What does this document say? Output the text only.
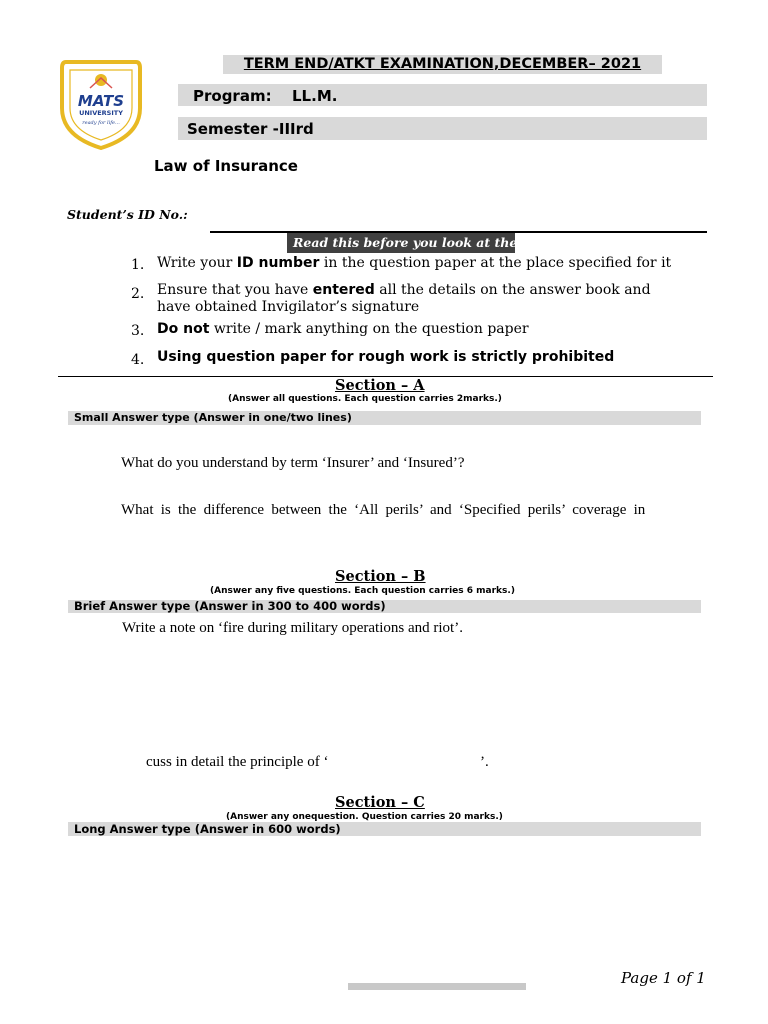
MATS
UNIVERSITY
ready for life...
TERM END/ATKT EXAMINATION,DECEMBER– 2021
Program: LL.M.
Semester -IIIrd
Law of Insurance
Student’s ID No.:
Read this before you look at the
1. Write your ID number in the question paper at the place specified for it
2. Ensure that you have entered all the details on the answer book and
have obtained Invigilator’s signature
3. Do not write / mark anything on the question paper
4. Using question paper for rough work is strictly prohibited
Section – A
(Answer all questions. Each question carries 2marks.)
Small Answer type (Answer in one/two lines)
What do you understand by term ‘Insurer’ and ‘Insured’?
What is the difference between the ‘All perils’ and ‘Specified perils’ coverage in
Section – B
(Answer any five questions. Each question carries 6 marks.)
Brief Answer type (Answer in 300 to 400 words)
Write a note on ‘fire during military operations and riot’.
cuss in detail the principle of ‘	’.
Section – C
(Answer any onequestion. Question carries 20 marks.)
Long Answer type (Answer in 600 words)
Page 1 of 1
